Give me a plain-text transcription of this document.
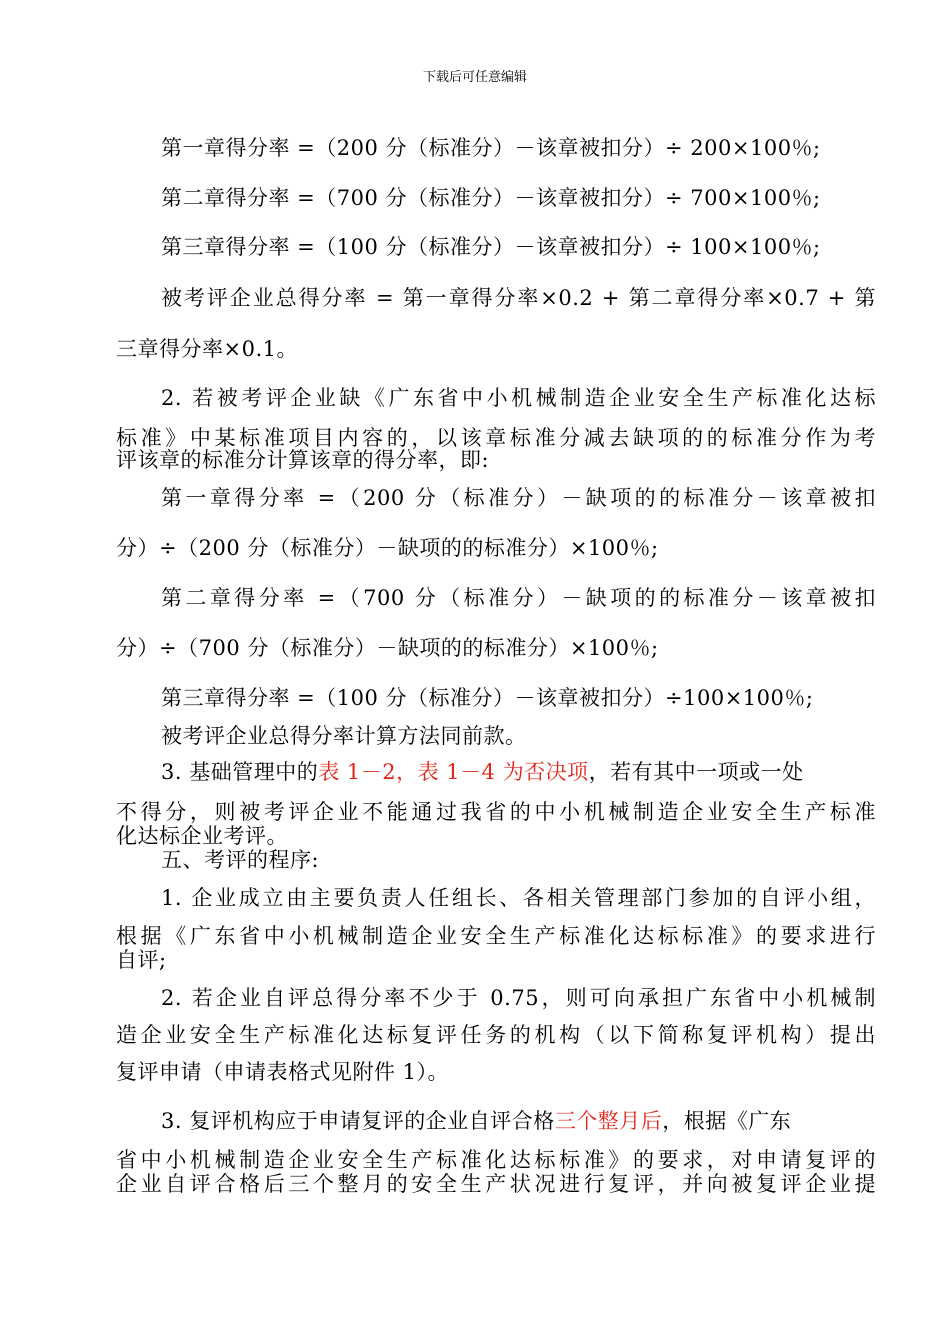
下载后可任意编辑
第一章得分率 =（200 分（标准分）－该章被扣分）÷ 200×100％;
第二章得分率 =（700 分（标准分）－该章被扣分）÷ 700×100％;
第三章得分率 =（100 分（标准分）－该章被扣分）÷ 100×100％;
被考评企业总得分率 = 第一章得分率×0.2 + 第二章得分率×0.7 + 第
三章得分率×0.1。
2. 若被考评企业缺《广东省中小机械制造企业安全生产标准化达标
标准》中某标准项目内容的，以该章标准分减去缺项的的标准分作为考
评该章的标准分计算该章的得分率，即:
第一章得分率 =（200 分（标准分）－缺项的的标准分－该章被扣
分）÷（200 分（标准分）－缺项的的标准分）×100％;
第二章得分率 =（700 分（标准分）－缺项的的标准分－该章被扣
分）÷（700 分（标准分）－缺项的的标准分）×100％;
第三章得分率 =（100 分（标准分）－该章被扣分）÷100×100％;
被考评企业总得分率计算方法同前款。
3. 基础管理中的表 1－2，表 1－4 为否决项，若有其中一项或一处
不得分，则被考评企业不能通过我省的中小机械制造企业安全生产标准
化达标企业考评。
五、考评的程序:
1. 企业成立由主要负责人任组长、各相关管理部门参加的自评小组，
根据《广东省中小机械制造企业安全生产标准化达标标准》的要求进行
自评;
2. 若企业自评总得分率不少于 0.75，则可向承担广东省中小机械制
造企业安全生产标准化达标复评任务的机构（以下简称复评机构）提出
复评申请（申请表格式见附件 1）。
3. 复评机构应于申请复评的企业自评合格三个整月后，根据《广东
省中小机械制造企业安全生产标准化达标标准》的要求，对申请复评的
企业自评合格后三个整月的安全生产状况进行复评，并向被复评企业提
